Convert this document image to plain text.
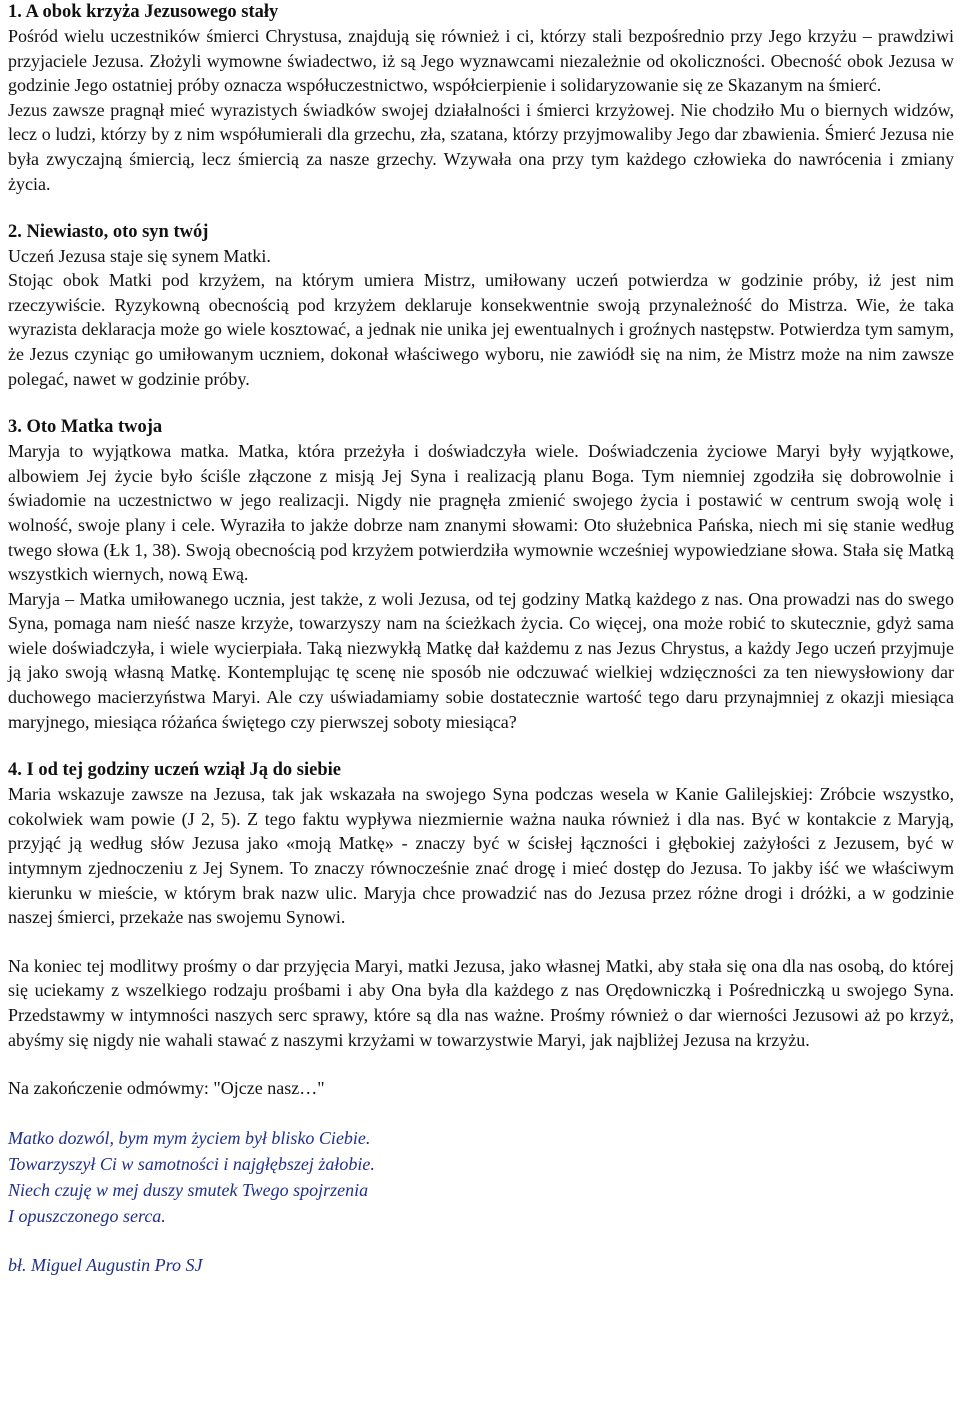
1. A obok krzyża Jezusowego stały

Pośród wielu uczestników śmierci Chrystusa, znajdują się również i ci, którzy stali bezpośrednio przy Jego krzyżu – prawdziwi przyjaciele Jezusa. Złożyli wymowne świadectwo, iż są Jego wyznawcami niezależnie od okoliczności. Obecność obok Jezusa w godzinie Jego ostatniej próby oznacza współuczestnictwo, współcierpienie i solidaryzowanie się ze Skazanym na śmierć.

Jezus zawsze pragnął mieć wyrazistych świadków swojej działalności i śmierci krzyżowej. Nie chodziło Mu o biernych widzów, lecz o ludzi, którzy by z nim współumierali dla grzechu, zła, szatana, którzy przyjmowaliby Jego dar zbawienia. Śmierć Jezusa nie była zwyczajną śmiercią, lecz śmiercią za nasze grzechy. Wzywała ona przy tym każdego człowieka do nawrócenia i zmiany życia.

2. Niewiasto, oto syn twój

Uczeń Jezusa staje się synem Matki.

Stojąc obok Matki pod krzyżem, na którym umiera Mistrz, umiłowany uczeń potwierdza w godzinie próby, iż jest nim rzeczywiście. Ryzykowną obecnością pod krzyżem deklaruje konsekwentnie swoją przynależność do Mistrza. Wie, że taka wyrazista deklaracja może go wiele kosztować, a jednak nie unika jej ewentualnych i groźnych następstw. Potwierdza tym samym, że Jezus czyniąc go umiłowanym uczniem, dokonał właściwego wyboru, nie zawiódł się na nim, że Mistrz może na nim zawsze polegać, nawet w godzinie próby.

3. Oto Matka twoja

Maryja to wyjątkowa matka. Matka, która przeżyła i doświadczyła wiele. Doświadczenia życiowe Maryi były wyjątkowe, albowiem Jej życie było ściśle złączone z misją Jej Syna i realizacją planu Boga. Tym niemniej zgodziła się dobrowolnie i świadomie na uczestnictwo w jego realizacji. Nigdy nie pragnęła zmienić swojego życia i postawić w centrum swoją wolę i wolność, swoje plany i cele. Wyraziła to jakże dobrze nam znanymi słowami: Oto służebnica Pańska, niech mi się stanie według twego słowa (Łk 1, 38). Swoją obecnością pod krzyżem potwierdziła wymownie wcześniej wypowiedziane słowa. Stała się Matką wszystkich wiernych, nową Ewą.

Maryja – Matka umiłowanego ucznia, jest także, z woli Jezusa, od tej godziny Matką każdego z nas. Ona prowadzi nas do swego Syna, pomaga nam nieść nasze krzyże, towarzyszy nam na ścieżkach życia. Co więcej, ona może robić to skutecznie, gdyż sama wiele doświadczyła, i wiele wycierpiała. Taką niezwykłą Matkę dał każdemu z nas Jezus Chrystus, a każdy Jego uczeń przyjmuje ją jako swoją własną Matkę. Kontemplując tę scenę nie sposób nie odczuwać wielkiej wdzięczności za ten niewysłowiony dar duchowego macierzyństwa Maryi. Ale czy uświadamiamy sobie dostatecznie wartość tego daru przynajmniej z okazji miesiąca maryjnego, miesiąca różańca świętego czy pierwszej soboty miesiąca?

4. I od tej godziny uczeń wziął Ją do siebie

Maria wskazuje zawsze na Jezusa, tak jak wskazała na swojego Syna podczas wesela w Kanie Galilejskiej: Zróbcie wszystko, cokolwiek wam powie (J 2, 5). Z tego faktu wypływa niezmiernie ważna nauka również i dla nas. Być w kontakcie z Maryją, przyjąć ją według słów Jezusa jako «moją Matkę» - znaczy być w ścisłej łączności i głębokiej zażyłości z Jezusem, być w intymnym zjednoczeniu z Jej Synem. To znaczy równocześnie znać drogę i mieć dostęp do Jezusa. To jakby iść we właściwym kierunku w mieście, w którym brak nazw ulic. Maryja chce prowadzić nas do Jezusa przez różne drogi i dróżki, a w godzinie naszej śmierci, przekaże nas swojemu Synowi.

Na koniec tej modlitwy prośmy o dar przyjęcia Maryi, matki Jezusa, jako własnej Matki, aby stała się ona dla nas osobą, do której się uciekamy z wszelkiego rodzaju prośbami i aby Ona była dla każdego z nas Orędowniczką i Pośredniczką u swojego Syna. Przedstawmy w intymności naszych serc sprawy, które są dla nas ważne. Prośmy również o dar wierności Jezusowi aż po krzyż, abyśmy się nigdy nie wahali stawać z naszymi krzyżami w towarzystwie Maryi, jak najbliżej Jezusa na krzyżu.

Na zakończenie odmówmy: "Ojcze nasz…"

Matko dozwól, bym mym życiem był blisko Ciebie.

Towarzyszył Ci w samotności i najgłębszej żałobie.

Niech czuję w mej duszy smutek Twego spojrzenia

I opuszczonego serca.

bł. Miguel Augustin Pro SJ
